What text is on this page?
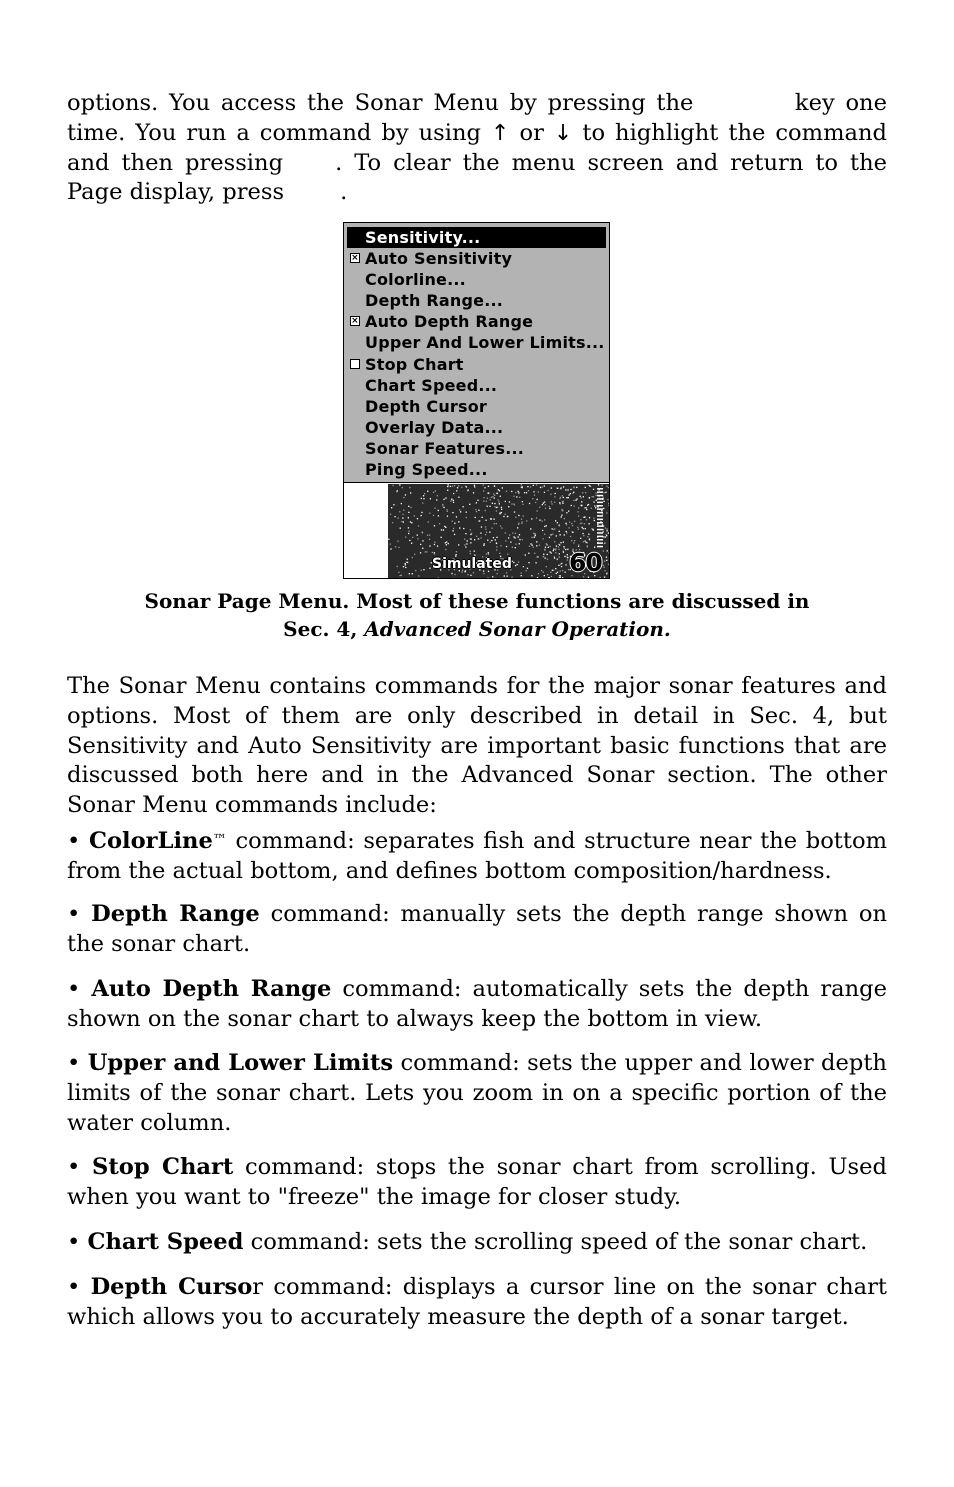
options. You access the Sonar Menu by pressing the	key one time. You run a command by using ↑ or ↓ to highlight the command and then pressing . To clear the menu screen and return to the Page display, press .

Sensitivity...
× Auto Sensitivity
Colorline...
Depth Range...
× Auto Depth Range
Upper And Lower Limits...
Stop Chart
Chart Speed...
Depth Cursor
Overlay Data...
Sonar Features...
Ping Speed...
Simulated 60

Sonar Page Menu. Most of these functions are discussed in
Sec. 4, Advanced Sonar Operation.

The Sonar Menu contains commands for the major sonar features and options. Most of them are only described in detail in Sec. 4, but Sensitivity and Auto Sensitivity are important basic functions that are discussed both here and in the Advanced Sonar section. The other Sonar Menu commands include:

• ColorLine™ command: separates fish and structure near the bottom from the actual bottom, and defines bottom composition/hardness.

• Depth Range command: manually sets the depth range shown on the sonar chart.

• Auto Depth Range command: automatically sets the depth range shown on the sonar chart to always keep the bottom in view.

• Upper and Lower Limits command: sets the upper and lower depth limits of the sonar chart. Lets you zoom in on a specific portion of the water column.

• Stop Chart command: stops the sonar chart from scrolling. Used when you want to "freeze" the image for closer study.

• Chart Speed command: sets the scrolling speed of the sonar chart.

• Depth Cursor command: displays a cursor line on the sonar chart which allows you to accurately measure the depth of a sonar target.
